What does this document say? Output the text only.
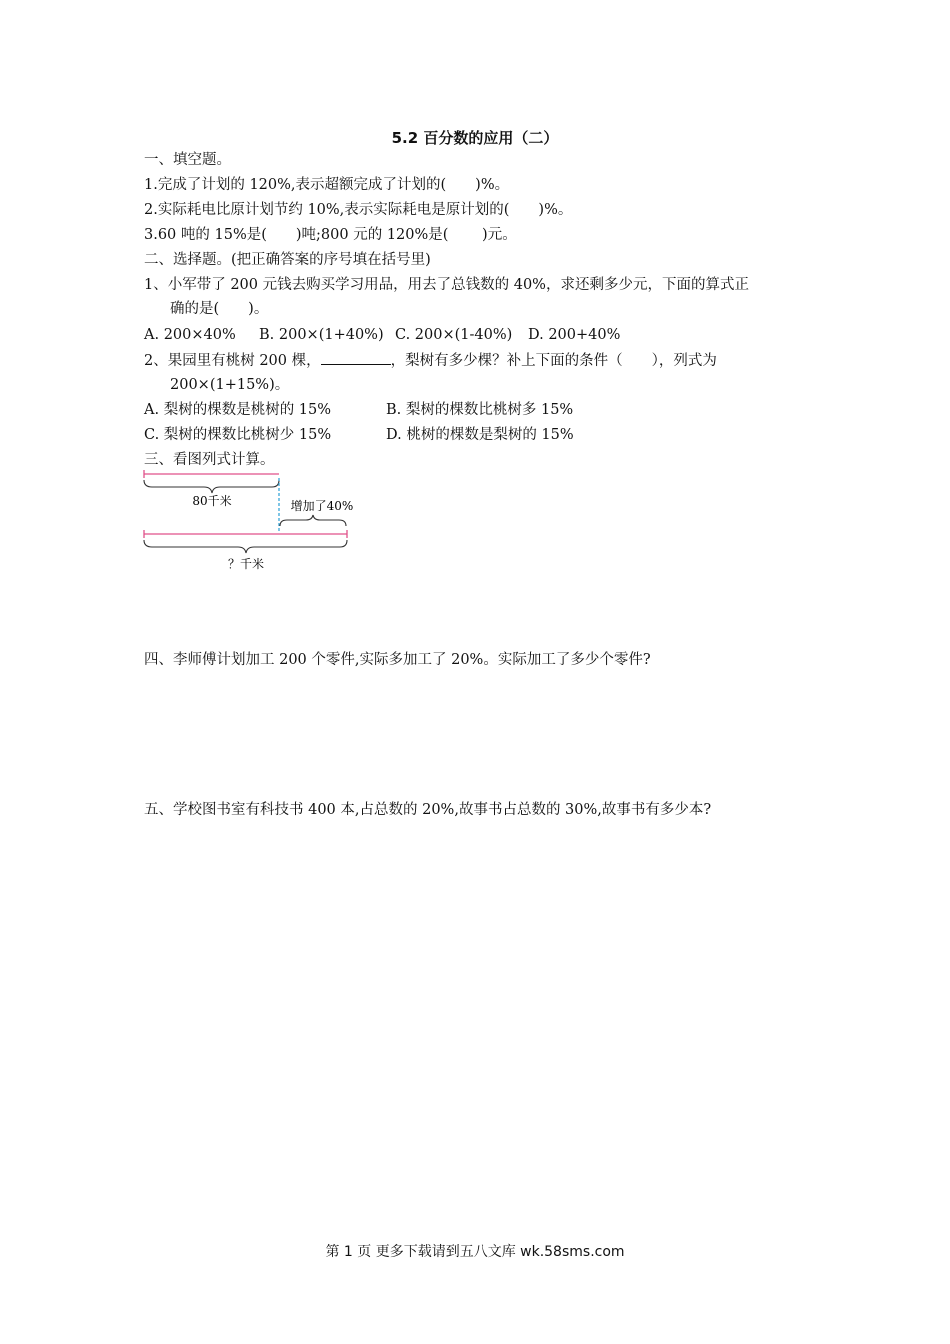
5.2 百分数的应用（二）
一、填空题。
1.完成了计划的 120%,表示超额完成了计划的(　　)%。
2.实际耗电比原计划节约 10%,表示实际耗电是原计划的(　　)%。
3.60 吨的 15%是(　　)吨;800 元的 120%是(　　 )元。
二、选择题。(把正确答案的序号填在括号里)
1、小军带了 200 元钱去购买学习用品，用去了总钱数的 40%，求还剩多少元，下面的算式正
确的是(　　)。
A. 200×40% B. 200×(1+40%) C. 200×(1-40%) D. 200+40%
2、果园里有桃树 200 棵，	，梨树有多少棵？补上下面的条件（　　），列式为
200×(1+15%)。
A. 梨树的棵数是桃树的 15%	B. 梨树的棵数比桃树多 15%
C. 梨树的棵数比桃树少 15%	D. 桃树的棵数是梨树的 15%
三、看图列式计算。
80千米	增加了40%
？千米
四、李师傅计划加工 200 个零件,实际多加工了 20%。实际加工了多少个零件?
五、学校图书室有科技书 400 本,占总数的 20%,故事书占总数的 30%,故事书有多少本?
第 1 页 更多下载请到五八文库 wk.58sms.com
